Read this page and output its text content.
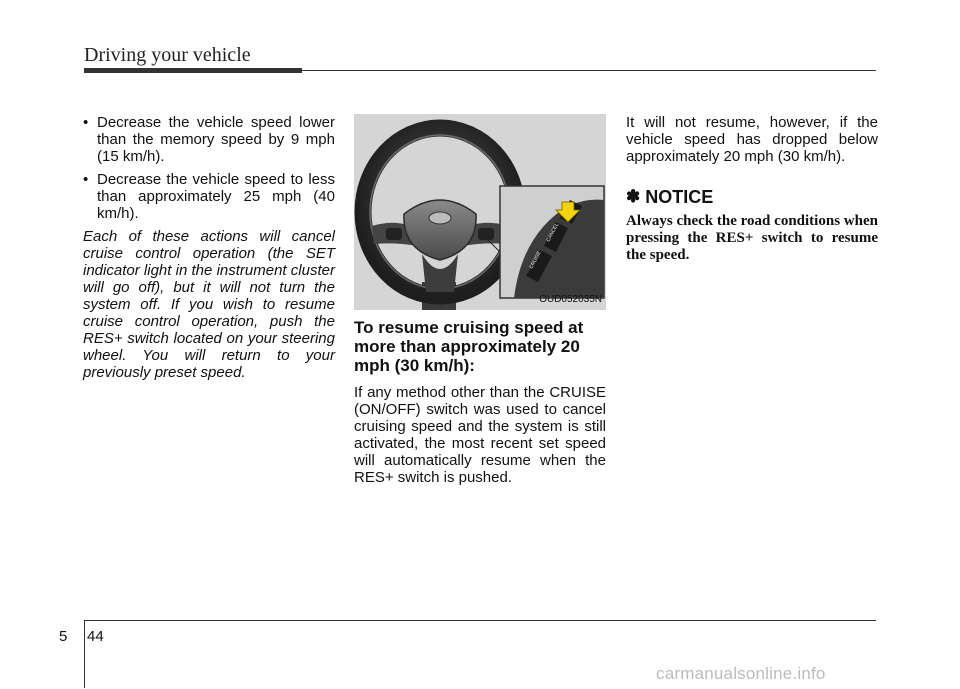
Driving your vehicle
• Decrease the vehicle speed lower than the memory speed by 9 mph (15 km/h).
• Decrease the vehicle speed to less than approximately 25 mph (40 km/h).

Each of these actions will cancel cruise control operation (the SET indicator light in the instrument cluster will go off), but it will not turn the system off. If you wish to resume cruise control operation, push the RES+ switch located on your steering wheel. You will return to your previously preset speed.

CRUISE
CANCEL
OUD052035N
To resume cruising speed at more than approximately 20 mph (30 km/h):

If any method other than the CRUISE (ON/OFF) switch was used to cancel cruising speed and the system is still activated, the most recent set speed will automatically resume when the RES+ switch is pushed.

It will not resume, however, if the vehicle speed has dropped below approximately 20 mph (30 km/h).

✽ NOTICE

Always check the road conditions when pressing the RES+ switch to resume the speed.

5 44
carmanualsonline.info
